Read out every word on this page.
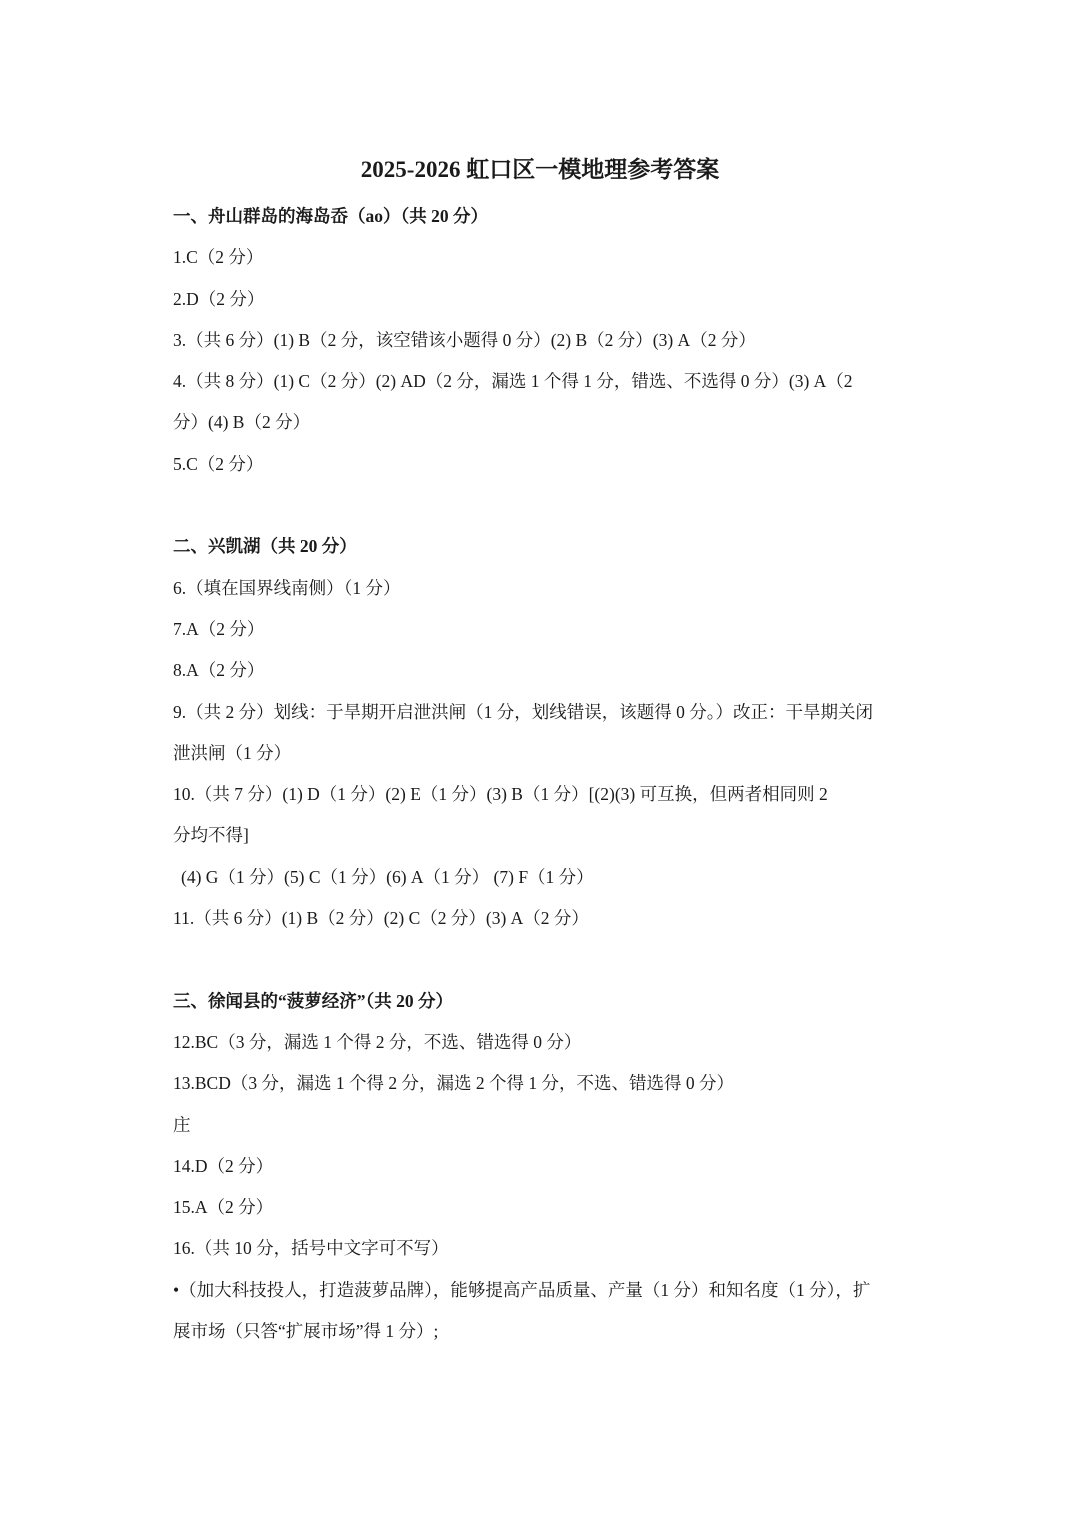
2025-2026 虹口区一模地理参考答案
一、舟山群岛的海岛岙（ao）（共 20 分）
1.C（2 分）
2.D（2 分）
3.（共 6 分）(1) B（2 分，该空错该小题得 0 分）(2) B（2 分）(3) A（2 分）
4.（共 8 分）(1) C（2 分）(2) AD（2 分，漏选 1 个得 1 分，错选、不选得 0 分）(3) A（2
分）(4) B（2 分）
5.C（2 分）
二、兴凯湖（共 20 分）
6.（填在国界线南侧）（1 分）
7.A（2 分）
8.A（2 分）
9.（共 2 分）划线：于旱期开启泄洪闸（1 分，划线错误，该题得 0 分。）改正：干旱期关闭
泄洪闸（1 分）
10.（共 7 分）(1) D（1 分）(2) E（1 分）(3) B（1 分）[(2)(3) 可互换，但两者相同则 2
分均不得]
(4) G（1 分）(5) C（1 分）(6) A（1 分） (7) F（1 分）
11.（共 6 分）(1) B（2 分）(2) C（2 分）(3) A（2 分）
三、徐闻县的“菠萝经济”（共 20 分）
12.BC（3 分，漏选 1 个得 2 分，不选、错选得 0 分）
13.BCD（3 分，漏选 1 个得 2 分，漏选 2 个得 1 分，不选、错选得 0 分）
庄
14.D（2 分）
15.A（2 分）
16.（共 10 分，括号中文字可不写）
•（加大科技投人，打造菠萝品牌），能够提高产品质量、产量（1 分）和知名度（1 分），扩
展市场（只答“扩展市场”得 1 分）;
